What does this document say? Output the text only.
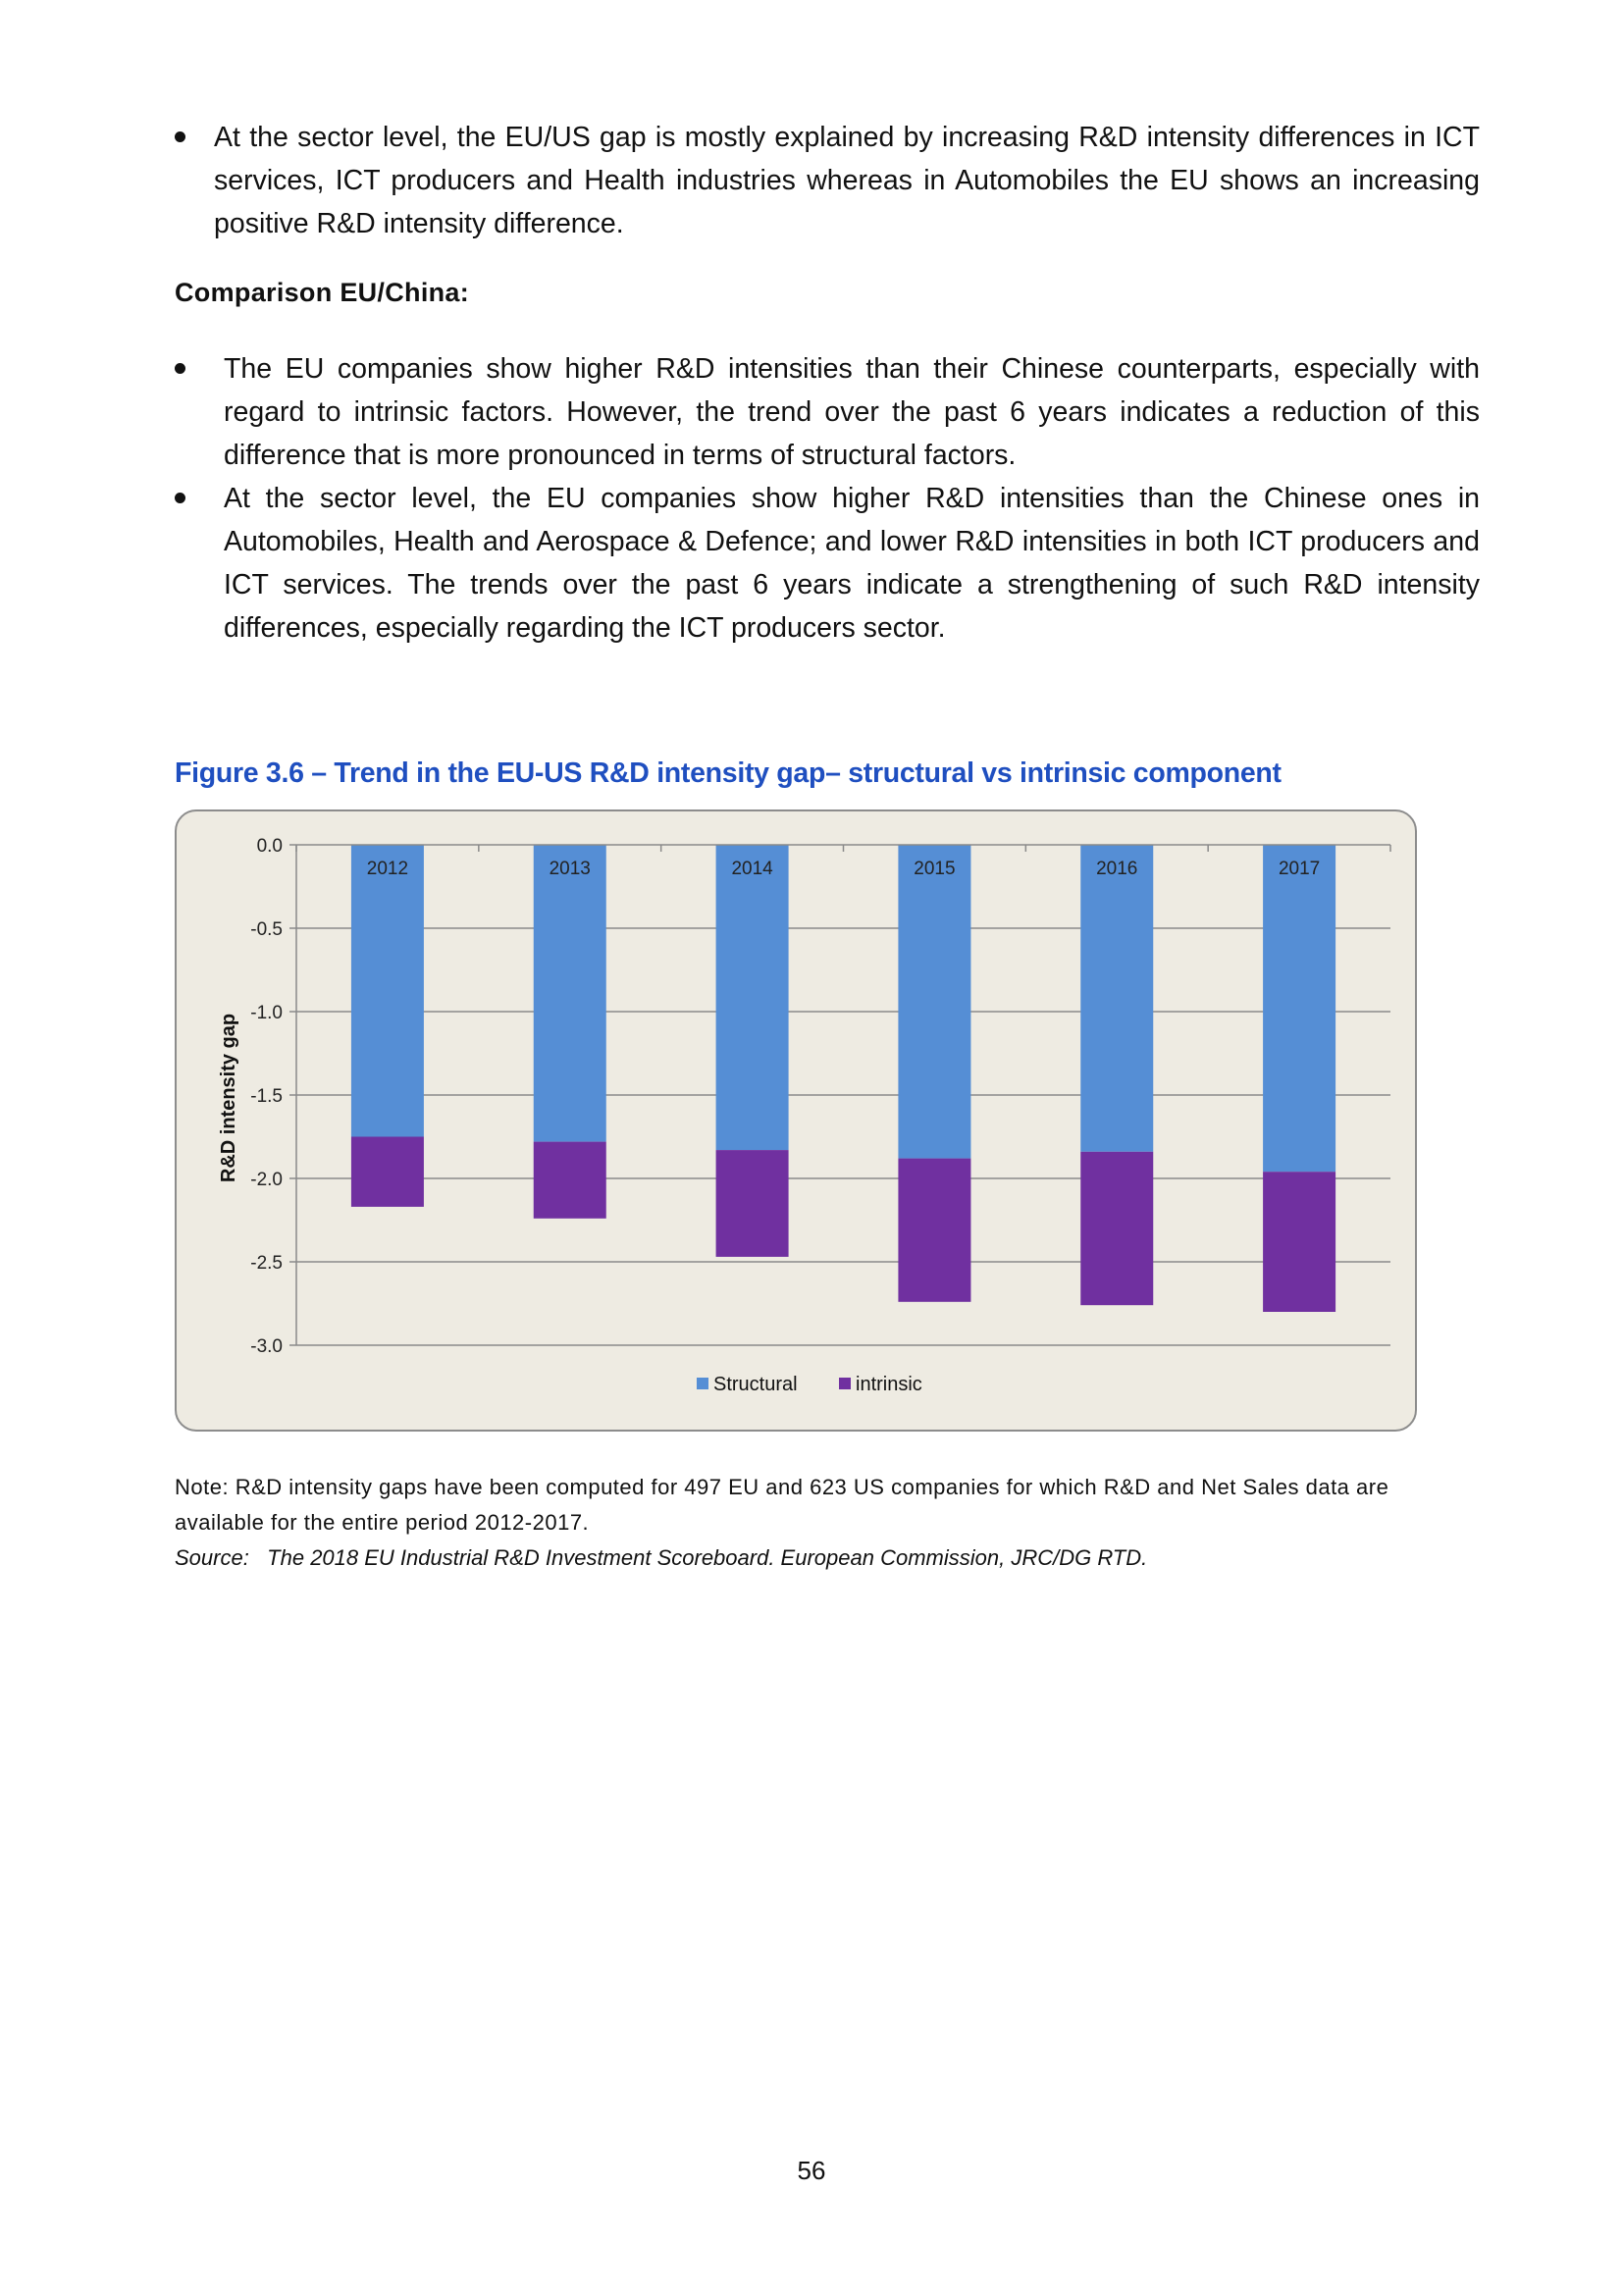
At the sector level, the EU/US gap is mostly explained by increasing R&D intensity differences in ICT services, ICT producers and Health industries whereas in Automobiles the EU shows an increasing positive R&D intensity difference.
Comparison EU/China:
The EU companies show higher R&D intensities than their Chinese counterparts, especially with regard to intrinsic factors. However, the trend over the past 6 years indicates a reduction of this difference that is more pronounced in terms of structural factors.
At the sector level, the EU companies show higher R&D intensities than the Chinese ones in Automobiles, Health and Aerospace & Defence; and lower R&D intensities in both ICT producers and ICT services. The trends over the past 6 years indicate a strengthening of such R&D intensity differences, especially regarding the ICT producers sector.
Figure 3.6 – Trend in the EU-US R&D intensity gap– structural vs intrinsic component
0.0
-0.5
-1.0
-1.5
-2.0
-2.5
-3.0
2012	2013	2014	2015	2016	2017
R&D intensity gap
Structural	intrinsic
Note: R&D intensity gaps have been computed for 497 EU and 623 US companies for which R&D and Net Sales data are available for the entire period 2012-2017.
Source: The 2018 EU Industrial R&D Investment Scoreboard. European Commission, JRC/DG RTD.
56
